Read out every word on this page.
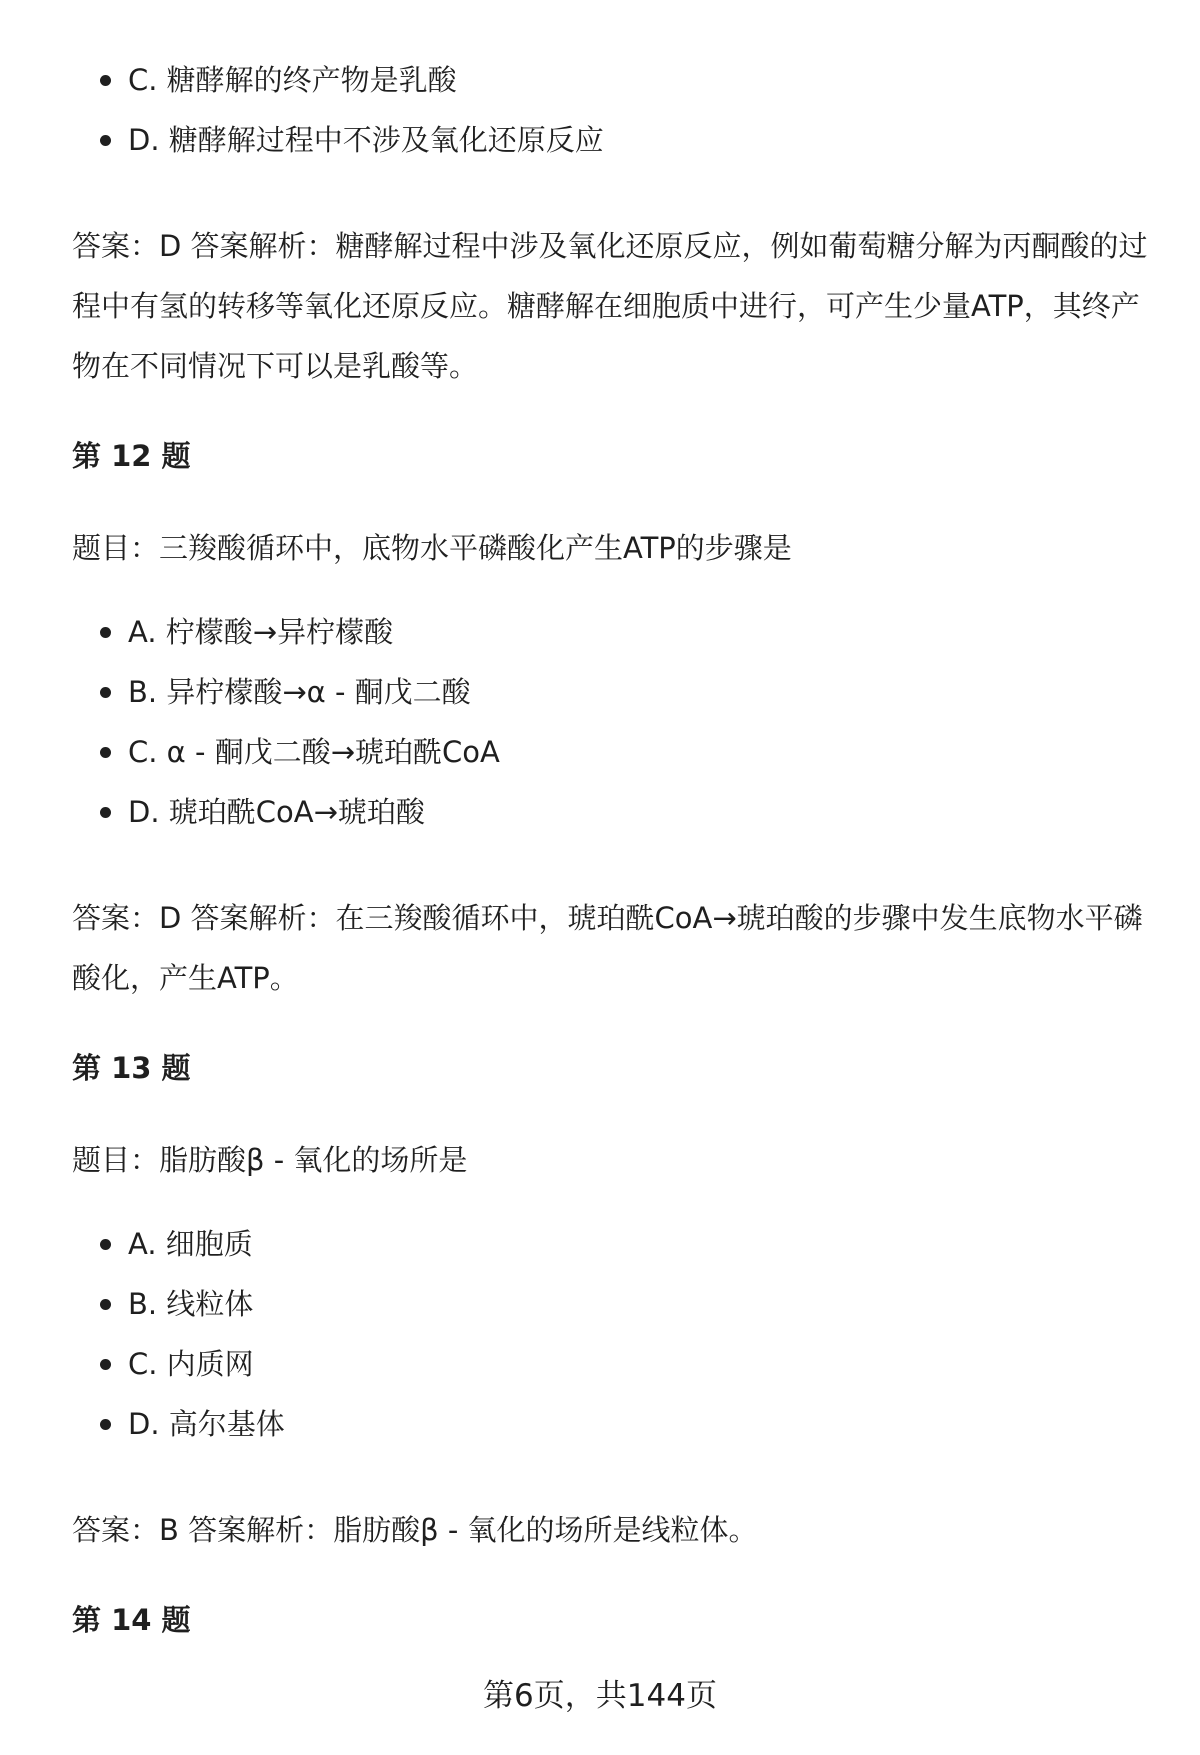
C. 糖酵解的终产物是乳酸
D. 糖酵解过程中不涉及氧化还原反应

答案：D 答案解析：糖酵解过程中涉及氧化还原反应，例如葡萄糖分解为丙酮酸的过程中有氢的转移等氧化还原反应。糖酵解在细胞质中进行，可产生少量ATP，其终产物在不同情况下可以是乳酸等。

第 12 题

题目：三羧酸循环中，底物水平磷酸化产生ATP的步骤是

A. 柠檬酸→异柠檬酸
B. 异柠檬酸→α - 酮戊二酸
C. α - 酮戊二酸→琥珀酰CoA
D. 琥珀酰CoA→琥珀酸

答案：D 答案解析：在三羧酸循环中，琥珀酰CoA→琥珀酸的步骤中发生底物水平磷酸化，产生ATP。

第 13 题

题目：脂肪酸β - 氧化的场所是

A. 细胞质
B. 线粒体
C. 内质网
D. 高尔基体

答案：B 答案解析：脂肪酸β - 氧化的场所是线粒体。

第 14 题
第6页，共144页
